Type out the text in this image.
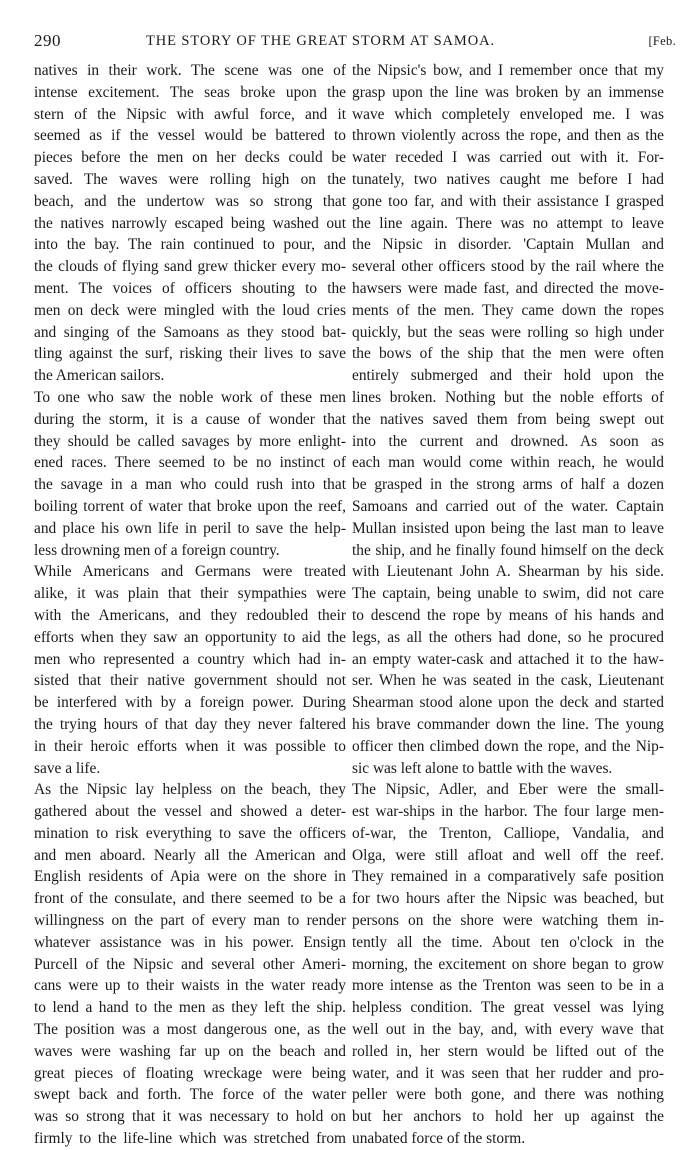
290	THE STORY OF THE GREAT STORM AT SAMOA.	[Feb.
natives in their work. The scene was one of
intense excitement. The seas broke upon the
stern of the Nipsic with awful force, and it
seemed as if the vessel would be battered to
pieces before the men on her decks could be
saved. The waves were rolling high on the
beach, and the undertow was so strong that
the natives narrowly escaped being washed out
into the bay. The rain continued to pour, and
the clouds of flying sand grew thicker every mo-
ment. The voices of officers shouting to the
men on deck were mingled with the loud cries
and singing of the Samoans as they stood bat-
tling against the surf, risking their lives to save
the American sailors.
To one who saw the noble work of these men
during the storm, it is a cause of wonder that
they should be called savages by more enlight-
ened races. There seemed to be no instinct of
the savage in a man who could rush into that
boiling torrent of water that broke upon the reef,
and place his own life in peril to save the help-
less drowning men of a foreign country.
While Americans and Germans were treated
alike, it was plain that their sympathies were
with the Americans, and they redoubled their
efforts when they saw an opportunity to aid the
men who represented a country which had in-
sisted that their native government should not
be interfered with by a foreign power. During
the trying hours of that day they never faltered
in their heroic efforts when it was possible to
save a life.
As the Nipsic lay helpless on the beach, they
gathered about the vessel and showed a deter-
mination to risk everything to save the officers
and men aboard. Nearly all the American and
English residents of Apia were on the shore in
front of the consulate, and there seemed to be a
willingness on the part of every man to render
whatever assistance was in his power. Ensign
Purcell of the Nipsic and several other Ameri-
cans were up to their waists in the water ready
to lend a hand to the men as they left the ship.
The position was a most dangerous one, as the
waves were washing far up on the beach and
great pieces of floating wreckage were being
swept back and forth. The force of the water
was so strong that it was necessary to hold on
firmly to the life-line which was stretched from
the Nipsic's bow, and I remember once that my
grasp upon the line was broken by an immense
wave which completely enveloped me. I was
thrown violently across the rope, and then as the
water receded I was carried out with it. For-
tunately, two natives caught me before I had
gone too far, and with their assistance I grasped
the line again. There was no attempt to leave
the Nipsic in disorder. 'Captain Mullan and
several other officers stood by the rail where the
hawsers were made fast, and directed the move-
ments of the men. They came down the ropes
quickly, but the seas were rolling so high under
the bows of the ship that the men were often
entirely submerged and their hold upon the
lines broken. Nothing but the noble efforts of
the natives saved them from being swept out
into the current and drowned. As soon as
each man would come within reach, he would
be grasped in the strong arms of half a dozen
Samoans and carried out of the water. Captain
Mullan insisted upon being the last man to leave
the ship, and he finally found himself on the deck
with Lieutenant John A. Shearman by his side.
The captain, being unable to swim, did not care
to descend the rope by means of his hands and
legs, as all the others had done, so he procured
an empty water-cask and attached it to the haw-
ser. When he was seated in the cask, Lieutenant
Shearman stood alone upon the deck and started
his brave commander down the line. The young
officer then climbed down the rope, and the Nip-
sic was left alone to battle with the waves.
The Nipsic, Adler, and Eber were the small-
est war-ships in the harbor. The four large men-
of-war, the Trenton, Calliope, Vandalia, and
Olga, were still afloat and well off the reef.
They remained in a comparatively safe position
for two hours after the Nipsic was beached, but
persons on the shore were watching them in-
tently all the time. About ten o'clock in the
morning, the excitement on shore began to grow
more intense as the Trenton was seen to be in a
helpless condition. The great vessel was lying
well out in the bay, and, with every wave that
rolled in, her stern would be lifted out of the
water, and it was seen that her rudder and pro-
peller were both gone, and there was nothing
but her anchors to hold her up against the
unabated force of the storm.
